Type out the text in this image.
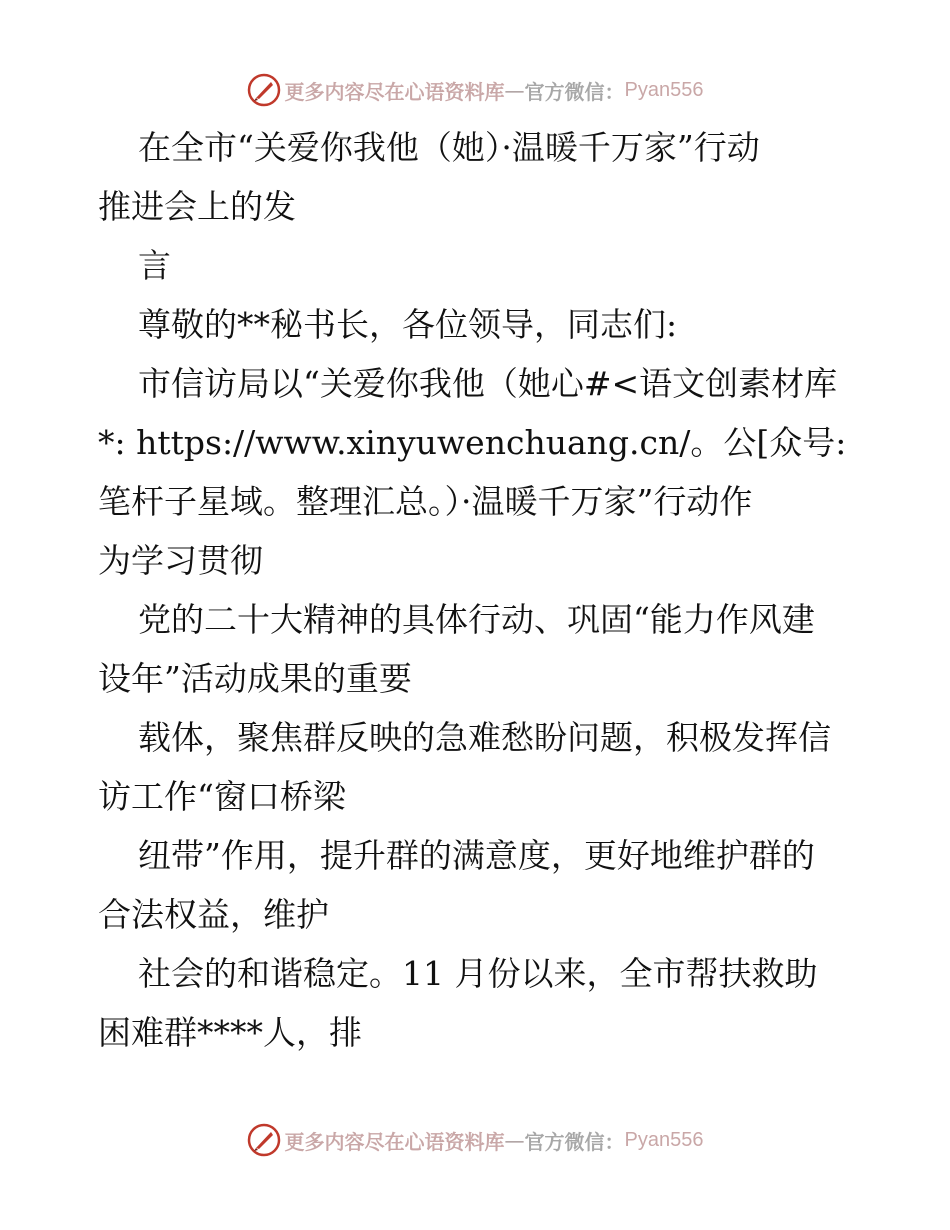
更多内容尽在心语资料库 — 官方微信： Pyan556
在全市“关爱你我他（她）·温暖千万家”行动
推进会上的发
言
尊敬的**秘书长，各位领导，同志们:
市信访局以“关爱你我他（她心#<语文创素材库
*: https://www.xinyuwenchuang.cn/。公[众号:
笔杆子星域。整理汇总。）·温暖千万家”行动作
为学习贯彻
党的二十大精神的具体行动、巩固“能力作风建
设年”活动成果的重要
载体，聚焦群反映的急难愁盼问题，积极发挥信
访工作“窗口桥梁
纽带”作用，提升群的满意度，更好地维护群的
合法权益，维护
社会的和谐稳定。11 月份以来，全市帮扶救助
困难群****人，排
更多内容尽在心语资料库 — 官方微信： Pyan556
